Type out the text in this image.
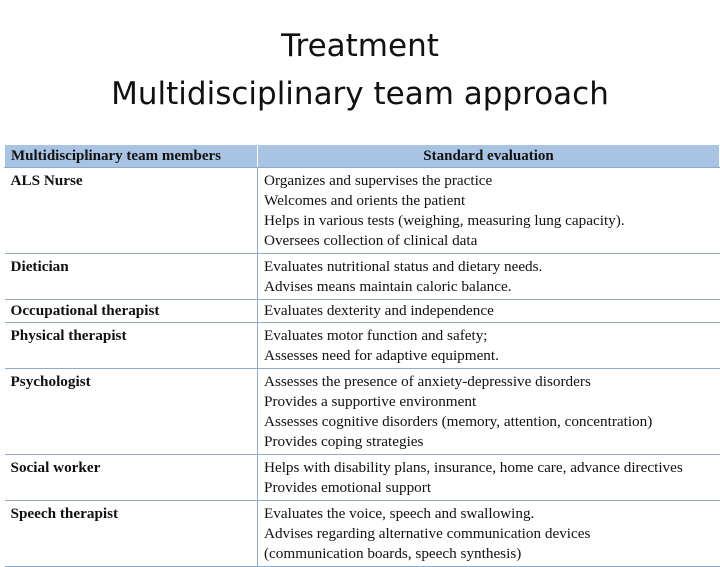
Treatment
Multidisciplinary team approach
Multidisciplinary team members	Standard evaluation
ALS Nurse	Organizes and supervises the practice
Welcomes and orients the patient
Helps in various tests (weighing, measuring lung capacity).
Oversees collection of clinical data

Dietician	Evaluates nutritional status and dietary needs.
Advises means maintain caloric balance.

Occupational therapist	Evaluates dexterity and independence

Physical therapist	Evaluates motor function and safety;
Assesses need for adaptive equipment.

Psychologist	Assesses the presence of anxiety-depressive disorders
Provides a supportive environment
Assesses cognitive disorders (memory, attention, concentration)
Provides coping strategies

Social worker	Helps with disability plans, insurance, home care, advance directives
Provides emotional support

Speech therapist	Evaluates the voice, speech and swallowing.
Advises regarding alternative communication devices
(communication boards, speech synthesis)
